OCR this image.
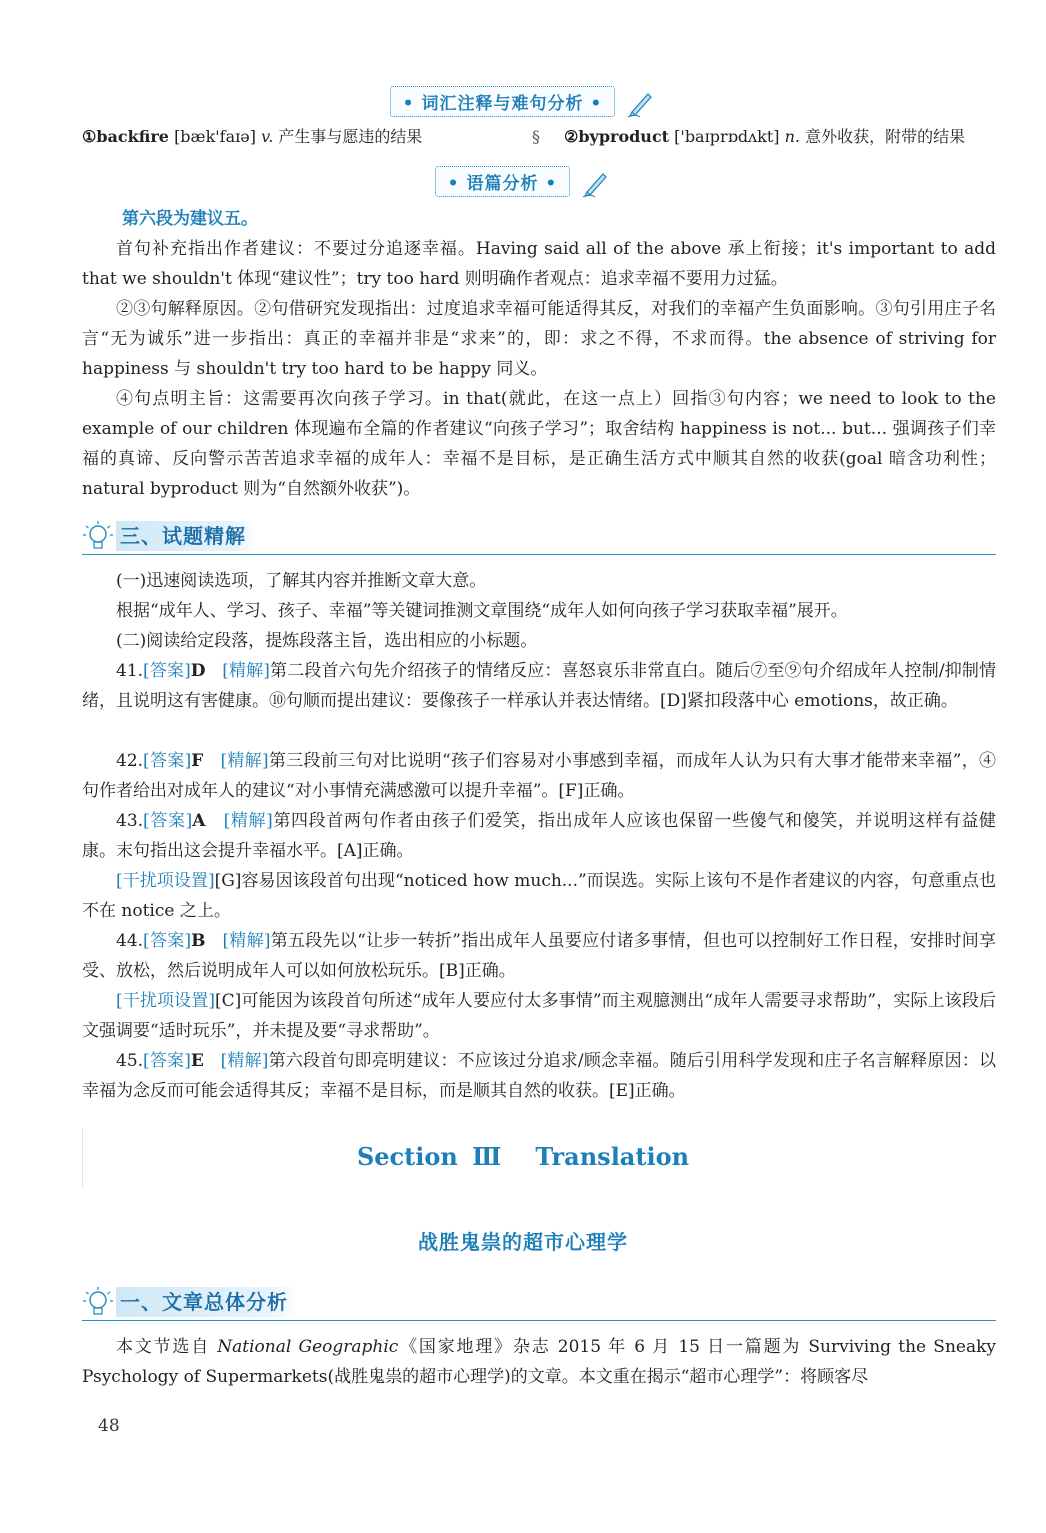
• 词汇注释与难句分析 •
①backfire [bæk'faɪə] v. 产生事与愿违的结果	§ ②byproduct ['baɪprɒdʌkt] n. 意外收获，附带的结果
• 语篇分析 •

第六段为建议五。

首句补充指出作者建议：不要过分追逐幸福。Having said all of the above 承上衔接；it's important to add that we shouldn't 体现“建议性”；try too hard 则明确作者观点：追求幸福不要用力过猛。

②③句解释原因。②句借研究发现指出：过度追求幸福可能适得其反，对我们的幸福产生负面影响。③句引用庄子名言“无为诚乐”进一步指出：真正的幸福并非是“求来”的，即：求之不得，不求而得。the absence of striving for happiness 与 shouldn't try too hard to be happy 同义。

④句点明主旨：这需要再次向孩子学习。in that(就此，在这一点上）回指③句内容；we need to look to the example of our children 体现遍布全篇的作者建议“向孩子学习”；取舍结构 happiness is not... but... 强调孩子们幸福的真谛、反向警示苦苦追求幸福的成年人：幸福不是目标，是正确生活方式中顺其自然的收获(goal 暗含功利性；natural byproduct 则为“自然额外收获”)。

三、试题精解

(一)迅速阅读选项，了解其内容并推断文章大意。

根据“成年人、学习、孩子、幸福”等关键词推测文章围绕“成年人如何向孩子学习获取幸福”展开。

(二)阅读给定段落，提炼段落主旨，选出相应的小标题。

41.[答案]D [精解]第二段首六句先介绍孩子的情绪反应：喜怒哀乐非常直白。随后⑦至⑨句介绍成年人控制/抑制情绪，且说明这有害健康。⑩句顺而提出建议：要像孩子一样承认并表达情绪。[D]紧扣段落中心 emotions，故正确。

42.[答案]F [精解]第三段前三句对比说明“孩子们容易对小事感到幸福，而成年人认为只有大事才能带来幸福”，④句作者给出对成年人的建议“对小事情充满感激可以提升幸福”。[F]正确。

43.[答案]A [精解]第四段首两句作者由孩子们爱笑，指出成年人应该也保留一些傻气和傻笑，并说明这样有益健康。末句指出这会提升幸福水平。[A]正确。

[干扰项设置][G]容易因该段首句出现“noticed how much...”而误选。实际上该句不是作者建议的内容，句意重点也不在 notice 之上。

44.[答案]B [精解]第五段先以“让步一转折”指出成年人虽要应付诸多事情，但也可以控制好工作日程，安排时间享受、放松，然后说明成年人可以如何放松玩乐。[B]正确。

[干扰项设置][C]可能因为该段首句所述“成年人要应付太多事情”而主观臆测出“成年人需要寻求帮助”，实际上该段后文强调要“适时玩乐”，并未提及要“寻求帮助”。

45.[答案]E [精解]第六段首句即亮明建议：不应该过分追求/顾念幸福。随后引用科学发现和庄子名言解释原因：以幸福为念反而可能会适得其反；幸福不是目标，而是顺其自然的收获。[E]正确。

Section Ⅲ Translation
战胜鬼祟的超市心理学
一、文章总体分析

本文节选自 National Geographic《国家地理》杂志 2015 年 6 月 15 日一篇题为 Surviving the Sneaky Psychology of Supermarkets(战胜鬼祟的超市心理学)的文章。本文重在揭示“超市心理学”：将顾客尽

48
